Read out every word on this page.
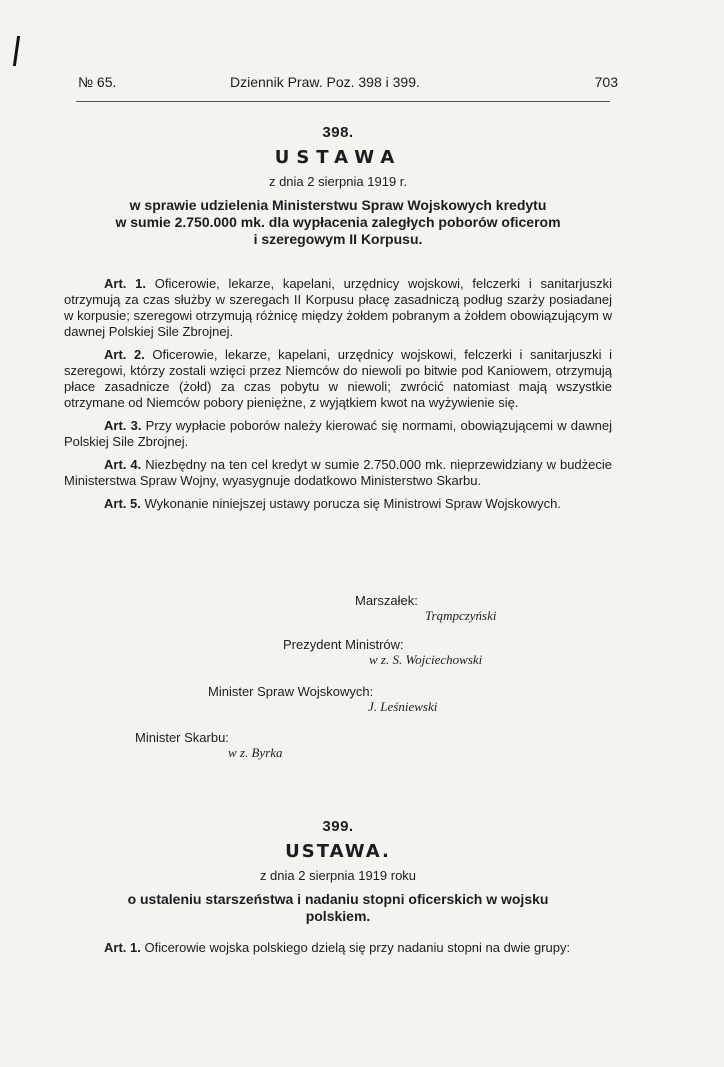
№ 65.	Dziennik Praw. Poz. 398 i 399.	703
398.
USTAWA
z dnia 2 sierpnia 1919 r.
w sprawie udzielenia Ministerstwu Spraw Wojskowych kredytu
w sumie 2.750.000 mk. dla wypłacenia zaległych poborów oficerom
i szeregowym II Korpusu.

Art. 1. Oficerowie, lekarze, kapelani, urzędnicy wojskowi, felczerki i sanitarjuszki otrzymują za czas służby w szeregach II Korpusu płacę zasadniczą podług szarży posiadanej w korpusie; szeregowi otrzymują różnicę między żołdem pobranym a żołdem obowiązującym w dawnej Polskiej Sile Zbrojnej.

Art. 2. Oficerowie, lekarze, kapelani, urzędnicy wojskowi, felczerki i sanitarjuszki i szeregowi, którzy zostali wzięci przez Niemców do niewoli po bitwie pod Kaniowem, otrzymują płace zasadnicze (żołd) za czas pobytu w niewoli; zwrócić natomiast mają wszystkie otrzymane od Niemców pobory pieniężne, z wyjątkiem kwot na wyżywienie się.

Art. 3. Przy wypłacie poborów należy kierować się normami, obowiązującemi w dawnej Polskiej Sile Zbrojnej.

Art. 4. Niezbędny na ten cel kredyt w sumie 2.750.000 mk. nieprzewidziany w budżecie Ministerstwa Spraw Wojny, wyasygnuje dodatkowo Ministerstwo Skarbu.

Art. 5. Wykonanie niniejszej ustawy porucza się Ministrowi Spraw Wojskowych.

Marszałek:
Trąmpczyński
Prezydent Ministrów:
w z. S. Wojciechowski
Minister Spraw Wojskowych:
J. Leśniewski
Minister Skarbu:
w z. Byrka
399.
USTAWA.
z dnia 2 sierpnia 1919 roku
o ustaleniu starszeństwa i nadaniu stopni oficerskich w wojsku
polskiem.

Art. 1. Oficerowie wojska polskiego dzielą się przy nadaniu stopni na dwie grupy:
